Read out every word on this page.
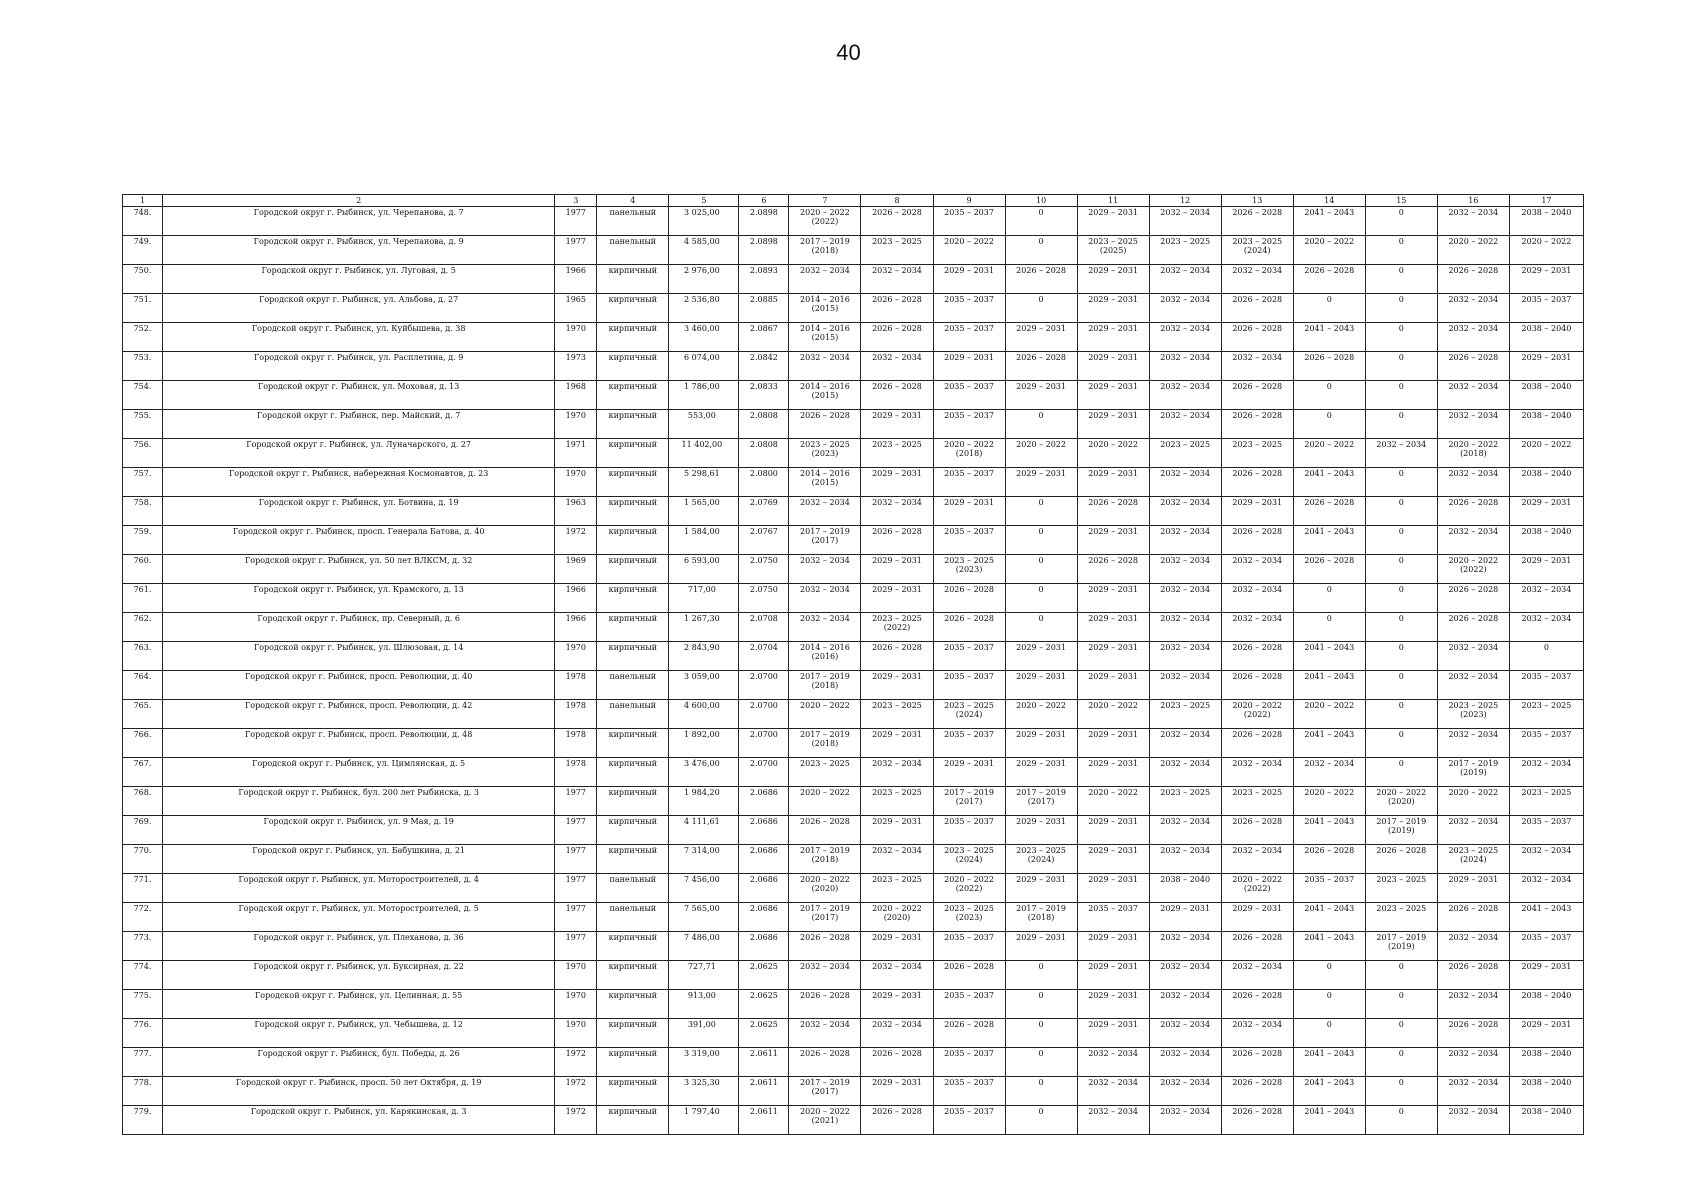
40
1	2	3	4	5	6	7	8	9	10	11	12	13	14	15	16	17
748.	Городской округ г. Рыбинск, ул. Черепанова, д. 7	1977	панельный	3 025,00	2.0898	2020 – 2022
(2022)	2026 – 2028	2035 – 2037	0	2029 – 2031	2032 – 2034	2026 – 2028	2041 – 2043	0	2032 – 2034	2038 – 2040
749.	Городской округ г. Рыбинск, ул. Черепанова, д. 9	1977	панельный	4 585,00	2.0898	2017 – 2019
(2018)	2023 – 2025	2020 – 2022	0	2023 – 2025
(2025)	2023 – 2025	2023 – 2025
(2024)	2020 – 2022	0	2020 – 2022	2020 – 2022
750.	Городской округ г. Рыбинск, ул. Луговая, д. 5	1966	кирпичный	2 976,00	2.0893	2032 – 2034	2032 – 2034	2029 – 2031	2026 – 2028	2029 – 2031	2032 – 2034	2032 – 2034	2026 – 2028	0	2026 – 2028	2029 – 2031
751.	Городской округ г. Рыбинск, ул. Альбова, д. 27	1965	кирпичный	2 536,80	2.0885	2014 – 2016
(2015)	2026 – 2028	2035 – 2037	0	2029 – 2031	2032 – 2034	2026 – 2028	0	0	2032 – 2034	2035 – 2037
752.	Городской округ г. Рыбинск, ул. Куйбышева, д. 38	1970	кирпичный	3 460,00	2.0867	2014 – 2016
(2015)	2026 – 2028	2035 – 2037	2029 – 2031	2029 – 2031	2032 – 2034	2026 – 2028	2041 – 2043	0	2032 – 2034	2038 – 2040
753.	Городской округ г. Рыбинск, ул. Расплетина, д. 9	1973	кирпичный	6 074,00	2.0842	2032 – 2034	2032 – 2034	2029 – 2031	2026 – 2028	2029 – 2031	2032 – 2034	2032 – 2034	2026 – 2028	0	2026 – 2028	2029 – 2031
754.	Городской округ г. Рыбинск, ул. Моховая, д. 13	1968	кирпичный	1 786,00	2.0833	2014 – 2016
(2015)	2026 – 2028	2035 – 2037	2029 – 2031	2029 – 2031	2032 – 2034	2026 – 2028	0	0	2032 – 2034	2038 – 2040
755.	Городской округ г. Рыбинск, пер. Майский, д. 7	1970	кирпичный	553,00	2.0808	2026 – 2028	2029 – 2031	2035 – 2037	0	2029 – 2031	2032 – 2034	2026 – 2028	0	0	2032 – 2034	2038 – 2040
756.	Городской округ г. Рыбинск, ул. Луначарского, д. 27	1971	кирпичный	11 402,00	2.0808	2023 – 2025
(2023)	2023 – 2025	2020 – 2022
(2018)	2020 – 2022	2020 – 2022	2023 – 2025	2023 – 2025	2020 – 2022	2032 – 2034	2020 – 2022
(2018)	2020 – 2022
757.	Городской округ г. Рыбинск, набережная Космонавтов, д. 23	1970	кирпичный	5 298,61	2.0800	2014 – 2016
(2015)	2029 – 2031	2035 – 2037	2029 – 2031	2029 – 2031	2032 – 2034	2026 – 2028	2041 – 2043	0	2032 – 2034	2038 – 2040
758.	Городской округ г. Рыбинск, ул. Ботвина, д. 19	1963	кирпичный	1 565,00	2.0769	2032 – 2034	2032 – 2034	2029 – 2031	0	2026 – 2028	2032 – 2034	2029 – 2031	2026 – 2028	0	2026 – 2028	2029 – 2031
759.	Городской округ г. Рыбинск, просп. Генерала Батова, д. 40	1972	кирпичный	1 584,00	2.0767	2017 – 2019
(2017)	2026 – 2028	2035 – 2037	0	2029 – 2031	2032 – 2034	2026 – 2028	2041 – 2043	0	2032 – 2034	2038 – 2040
760.	Городской округ г. Рыбинск, ул. 50 лет ВЛКСМ, д. 32	1969	кирпичный	6 593,00	2.0750	2032 – 2034	2029 – 2031	2023 – 2025
(2023)	0	2026 – 2028	2032 – 2034	2032 – 2034	2026 – 2028	0	2020 – 2022
(2022)	2029 – 2031
761.	Городской округ г. Рыбинск, ул. Крамского, д. 13	1966	кирпичный	717,00	2.0750	2032 – 2034	2029 – 2031	2026 – 2028	0	2029 – 2031	2032 – 2034	2032 – 2034	0	0	2026 – 2028	2032 – 2034
762.	Городской округ г. Рыбинск, пр. Северный, д. 6	1966	кирпичный	1 267,30	2.0708	2032 – 2034	2023 – 2025
(2022)	2026 – 2028	0	2029 – 2031	2032 – 2034	2032 – 2034	0	0	2026 – 2028	2032 – 2034
763.	Городской округ г. Рыбинск, ул. Шлюзовая, д. 14	1970	кирпичный	2 843,90	2.0704	2014 – 2016
(2016)	2026 – 2028	2035 – 2037	2029 – 2031	2029 – 2031	2032 – 2034	2026 – 2028	2041 – 2043	0	2032 – 2034	0
764.	Городской округ г. Рыбинск, просп. Революции, д. 40	1978	панельный	3 059,00	2.0700	2017 – 2019
(2018)	2029 – 2031	2035 – 2037	2029 – 2031	2029 – 2031	2032 – 2034	2026 – 2028	2041 – 2043	0	2032 – 2034	2035 – 2037
765.	Городской округ г. Рыбинск, просп. Революции, д. 42	1978	панельный	4 600,00	2.0700	2020 – 2022	2023 – 2025	2023 – 2025
(2024)	2020 – 2022	2020 – 2022	2023 – 2025	2020 – 2022
(2022)	2020 – 2022	0	2023 – 2025
(2023)	2023 – 2025
766.	Городской округ г. Рыбинск, просп. Революции, д. 48	1978	кирпичный	1 892,00	2.0700	2017 – 2019
(2018)	2029 – 2031	2035 – 2037	2029 – 2031	2029 – 2031	2032 – 2034	2026 – 2028	2041 – 2043	0	2032 – 2034	2035 – 2037
767.	Городской округ г. Рыбинск, ул. Цимлянская, д. 5	1978	кирпичный	3 476,00	2.0700	2023 – 2025	2032 – 2034	2029 – 2031	2029 – 2031	2029 – 2031	2032 – 2034	2032 – 2034	2032 – 2034	0	2017 – 2019
(2019)	2032 – 2034
768.	Городской округ г. Рыбинск, бул. 200 лет Рыбинска, д. 3	1977	кирпичный	1 984,20	2.0686	2020 – 2022	2023 – 2025	2017 – 2019
(2017)	2017 – 2019
(2017)	2020 – 2022	2023 – 2025	2023 – 2025	2020 – 2022	2020 – 2022
(2020)	2020 – 2022	2023 – 2025
769.	Городской округ г. Рыбинск, ул. 9 Мая, д. 19	1977	кирпичный	4 111,61	2.0686	2026 – 2028	2029 – 2031	2035 – 2037	2029 – 2031	2029 – 2031	2032 – 2034	2026 – 2028	2041 – 2043	2017 – 2019
(2019)	2032 – 2034	2035 – 2037
770.	Городской округ г. Рыбинск, ул. Бабушкина, д. 21	1977	кирпичный	7 314,00	2.0686	2017 – 2019
(2018)	2032 – 2034	2023 – 2025
(2024)	2023 – 2025
(2024)	2029 – 2031	2032 – 2034	2032 – 2034	2026 – 2028	2026 – 2028	2023 – 2025
(2024)	2032 – 2034
771.	Городской округ г. Рыбинск, ул. Моторостроителей, д. 4	1977	панельный	7 456,00	2.0686	2020 – 2022
(2020)	2023 – 2025	2020 – 2022
(2022)	2029 – 2031	2029 – 2031	2038 – 2040	2020 – 2022
(2022)	2035 – 2037	2023 – 2025	2029 – 2031	2032 – 2034
772.	Городской округ г. Рыбинск, ул. Моторостроителей, д. 5	1977	панельный	7 565,00	2.0686	2017 – 2019
(2017)	2020 – 2022
(2020)	2023 – 2025
(2023)	2017 – 2019
(2018)	2035 – 2037	2029 – 2031	2029 – 2031	2041 – 2043	2023 – 2025	2026 – 2028	2041 – 2043
773.	Городской округ г. Рыбинск, ул. Плеханова, д. 36	1977	кирпичный	7 486,00	2.0686	2026 – 2028	2029 – 2031	2035 – 2037	2029 – 2031	2029 – 2031	2032 – 2034	2026 – 2028	2041 – 2043	2017 – 2019
(2019)	2032 – 2034	2035 – 2037
774.	Городской округ г. Рыбинск, ул. Буксирная, д. 22	1970	кирпичный	727,71	2.0625	2032 – 2034	2032 – 2034	2026 – 2028	0	2029 – 2031	2032 – 2034	2032 – 2034	0	0	2026 – 2028	2029 – 2031
775.	Городской округ г. Рыбинск, ул. Целинная, д. 55	1970	кирпичный	913,00	2.0625	2026 – 2028	2029 – 2031	2035 – 2037	0	2029 – 2031	2032 – 2034	2026 – 2028	0	0	2032 – 2034	2038 – 2040
776.	Городской округ г. Рыбинск, ул. Чебышева, д. 12	1970	кирпичный	391,00	2.0625	2032 – 2034	2032 – 2034	2026 – 2028	0	2029 – 2031	2032 – 2034	2032 – 2034	0	0	2026 – 2028	2029 – 2031
777.	Городской округ г. Рыбинск, бул. Победы, д. 26	1972	кирпичный	3 319,00	2.0611	2026 – 2028	2026 – 2028	2035 – 2037	0	2032 – 2034	2032 – 2034	2026 – 2028	2041 – 2043	0	2032 – 2034	2038 – 2040
778.	Городской округ г. Рыбинск, просп. 50 лет Октября, д. 19	1972	кирпичный	3 325,30	2.0611	2017 – 2019
(2017)	2029 – 2031	2035 – 2037	0	2032 – 2034	2032 – 2034	2026 – 2028	2041 – 2043	0	2032 – 2034	2038 – 2040
779.	Городской округ г. Рыбинск, ул. Карякинская, д. 3	1972	кирпичный	1 797,40	2.0611	2020 – 2022
(2021)	2026 – 2028	2035 – 2037	0	2032 – 2034	2032 – 2034	2026 – 2028	2041 – 2043	0	2032 – 2034	2038 – 2040
